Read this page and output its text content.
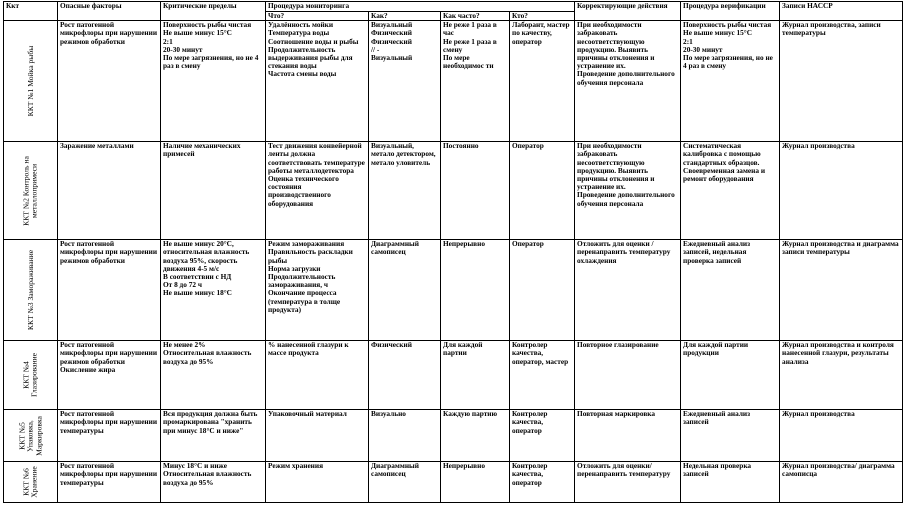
Ккт	Опасные факторы	Критические пределы	Процедура мониторинга				Корректирующие действия	Процедура верификации	Записи НАССР
			Что?	Как?	Как часто?	Кто?			

ККТ №1 Мойка рыбы	Рост патогенной микрофлоры при нарушении режимов обработки	Поверхность рыбы чистая
Не выше минус 15°С
2:1
20-30 минут
По мере загрязнения, но не 4 раз в смену	Удалённость мойки
Температура воды
Соотношение воды и рыбы
Продолжительность выдерживания рыбы для стекания воды
Частота смены воды	Визуальный
Физический
Физический
// -
Визуальный	Не реже 1 раза в час
Не реже 1 раза в смену
По мере необходимос ти	Лаборант, мастер по качеству, оператор	При необходимости забраковать несоответствующую продукцию. Выявить причины отклонения и устранение их.
Проведение дополнительного обучения персонала	Поверхность рыбы чистая
Не выше минус 15°С
2:1
20-30 минут
По мере загрязнения, но не 4 раз в смену	Журнал производства, записи температуры

ККТ №2 Контроль на металлопримеси	Заражение металлами	Наличие механических примесей	Тест движения конвейерной ленты должна соответствовать температуре работы металлодетектора
Оценка технического состояния производственного оборудования	Визуальный, метало детектором, метало уловитель	Постоянно	Оператор	При необходимости забраковать несоответствующую продукцию. Выявить причины отклонения и устранение их.
Проведение дополнительного обучения персонала	Систематическая калибровка с помощью стандартных образцов.
Своевременная замена и ремонт оборудования	Журнал производства

ККТ №3 Замораживание	Рост патогенной микрофлоры при нарушении режимов обработки	Не выше минус 20°С, относительная влажность воздуха 95%, скорость движения 4-5 м/с
В соответствии с НД
От 8 до 72 ч
Не выше минус 18°С	Режим замораживания
Правильность раскладки рыбы
Норма загрузки
Продолжительность замораживания, ч
Окончание процесса (температура в толще продукта)	Диаграммный самописец	Непрерывно	Оператор	Отложить для оценки / перенаправить температуру охлаждения	Ежедневный анализ записей, недельная проверка записей	Журнал производства и диаграмма записи температуры

ККТ №4 Глазирование	Рост патогенной микрофлоры при нарушении режимов обработки
Окисление жира	Не менее 2%
Относительная влажность воздуха до 95%	% нанесенной глазури к массе продукта	Физический	Для каждой партии	Контролер качества, оператор, мастер	Повторное глазирование	Для каждой партии продукции	Журнал производства и контроля нанесенной глазури, результаты анализа

ККТ №5 Упаковка, Маркировка	Рост патогенной микрофлоры при нарушении температуры	Вся продукция должна быть промаркирована "хранить при минус 18°С и ниже"	Упаковочный материал	Визуально	Каждую партию	Контролер качества, оператор	Повторная маркировка	Ежедневный анализ записей	Журнал производства

ККТ №6 Хранение	Рост патогенной микрофлоры при нарушении температуры	Минус 18°С и ниже
Относительная влажность воздуха до 95%	Режим хранения	Диаграммный самописец	Непрерывно	Контролер качества, оператор	Отложить для оценки/перенаправить температуру	Недельная проверка записей	Журнал производства/ диаграмма самописца
